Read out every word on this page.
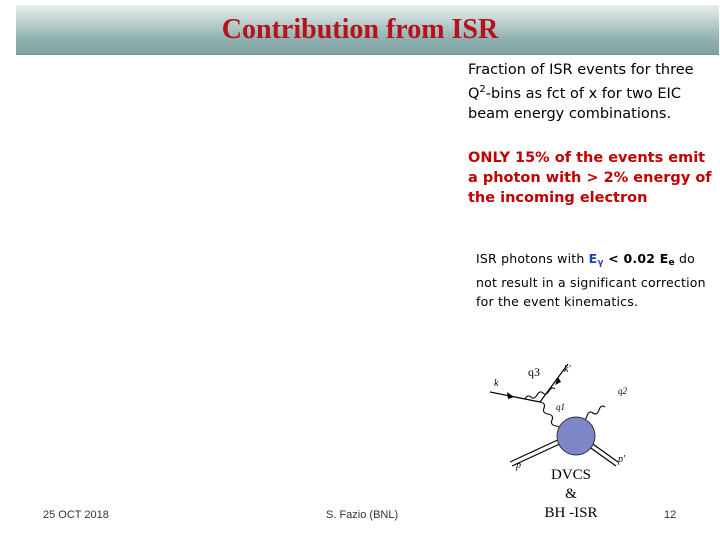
Contribution from ISR
Fraction of ISR events for three $Q^2$-bins as fct of x for two EIC beam energy combinations.
ONLY 15% of the events emit a photon with > 2% energy of the incoming electron
ISR photons with Eγ < 0.02 Ee do not result in a significant correction for the event kinematics.
q3
k
k'
q1
q2
p
p'
DVCS
&
BH -ISR
25 OCT 2018	S. Fazio (BNL)	12
